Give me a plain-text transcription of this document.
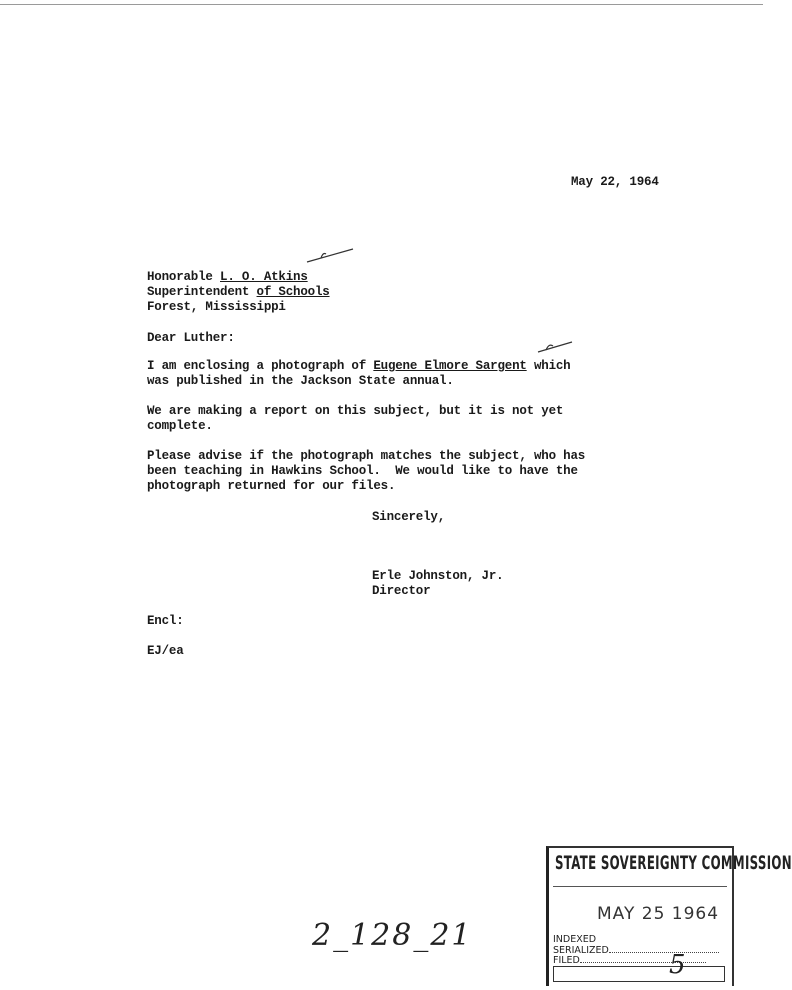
May 22, 1964
Honorable L. O. Atkins
Superintendent of Schools
Forest, Mississippi
Dear Luther:
I am enclosing a photograph of Eugene Elmore Sargent which
was published in the Jackson State annual.
We are making a report on this subject, but it is not yet
complete.
Please advise if the photograph matches the subject, who has
been teaching in Hawkins School.  We would like to have the
photograph returned for our files.
Sincerely,
Erle Johnston, Jr.
Director
Encl:
EJ/ea
2_128_21
STATE SOVEREIGNTY COMMISSION
MAY 25 1964
INDEXED
SERIALIZED
FILED	5
